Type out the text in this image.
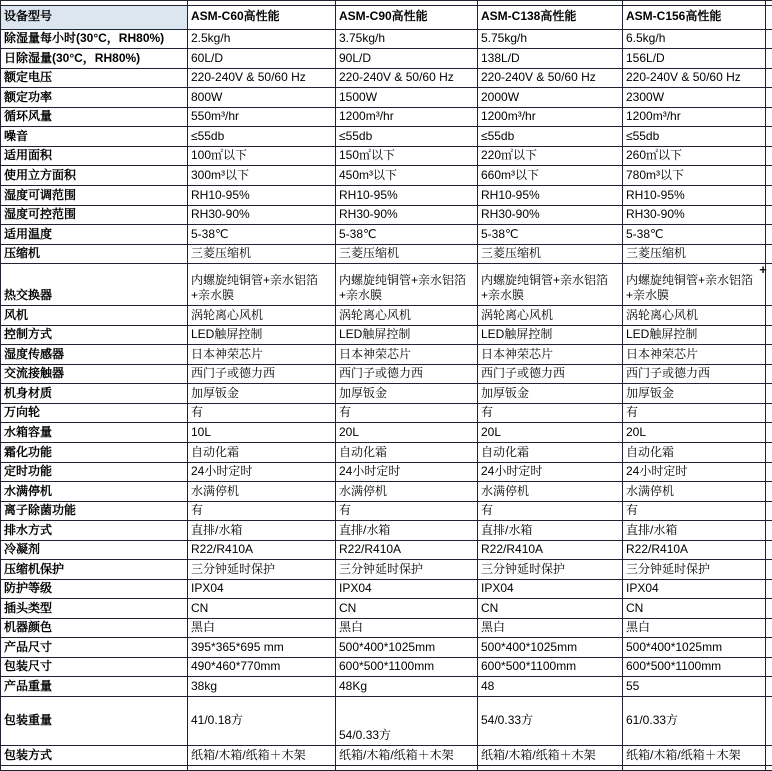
设备型号	ASM-C60高性能	ASM-C90高性能	ASM-C138高性能	ASM-C156高性能	
除湿量每小时(30°C，RH80%)	2.5kg/h	3.75kg/h	5.75kg/h	6.5kg/h	
日除湿量(30°C，RH80%)	60L/D	90L/D	138L/D	156L/D	
额定电压	220-240V & 50/60 Hz	220-240V & 50/60 Hz	220-240V & 50/60 Hz	220-240V & 50/60 Hz	
额定功率	800W	1500W	2000W	2300W	
循环风量	550m³/hr	1200m³/hr	1200m³/hr	1200m³/hr	
噪音	≤55db	≤55db	≤55db	≤55db	
适用面积	100㎡以下	150㎡以下	220㎡以下	260㎡以下	
使用立方面积	300m³以下	450m³以下	660m³以下	780m³以下	
湿度可调范围	RH10-95%	RH10-95%	RH10-95%	RH10-95%	
湿度可控范围	RH30-90%	RH30-90%	RH30-90%	RH30-90%	
适用温度	5-38℃	5-38℃	5-38℃	5-38℃	
压缩机	三菱压缩机	三菱压缩机	三菱压缩机	三菱压缩机	
热交换器	内螺旋纯铜管+亲水铝箔+亲水膜	内螺旋纯铜管+亲水铝箔+亲水膜	内螺旋纯铜管+亲水铝箔+亲水膜	内螺旋纯铜管+亲水铝箔+亲水膜	
风机	涡轮离心风机	涡轮离心风机	涡轮离心风机	涡轮离心风机	
控制方式	LED触屏控制	LED触屏控制	LED触屏控制	LED触屏控制	
湿度传感器	日本神荣芯片	日本神荣芯片	日本神荣芯片	日本神荣芯片	
交流接触器	西门子或德力西	西门子或德力西	西门子或德力西	西门子或德力西	
机身材质	加厚钣金	加厚钣金	加厚钣金	加厚钣金	
万向轮	有	有	有	有	
水箱容量	10L	20L	20L	20L	
霜化功能	自动化霜	自动化霜	自动化霜	自动化霜	
定时功能	24小时定时	24小时定时	24小时定时	24小时定时	
水满停机	水满停机	水满停机	水满停机	水满停机	
离子除菌功能	有	有	有	有	
排水方式	直排/水箱	直排/水箱	直排/水箱	直排/水箱	
冷凝剂	R22/R410A	R22/R410A	R22/R410A	R22/R410A	
压缩机保护	三分钟延时保护	三分钟延时保护	三分钟延时保护	三分钟延时保护	
防护等级	IPX04	IPX04	IPX04	IPX04	
插头类型	CN	CN	CN	CN	
机器颜色	黑白	黑白	黑白	黑白	
产品尺寸	395*365*695 mm	500*400*1025mm	500*400*1025mm	500*400*1025mm	
包装尺寸	490*460*770mm	600*500*1100mm	600*500*1100mm	600*500*1100mm	
产品重量	38kg	48Kg	48	55	
包装重量	41/0.18方	54/0.33方	54/0.33方	61/0.33方	
包装方式	纸箱/木箱/纸箱＋木架	纸箱/木箱/纸箱＋木架	纸箱/木箱/纸箱＋木架	纸箱/木箱/纸箱＋木架	

+
